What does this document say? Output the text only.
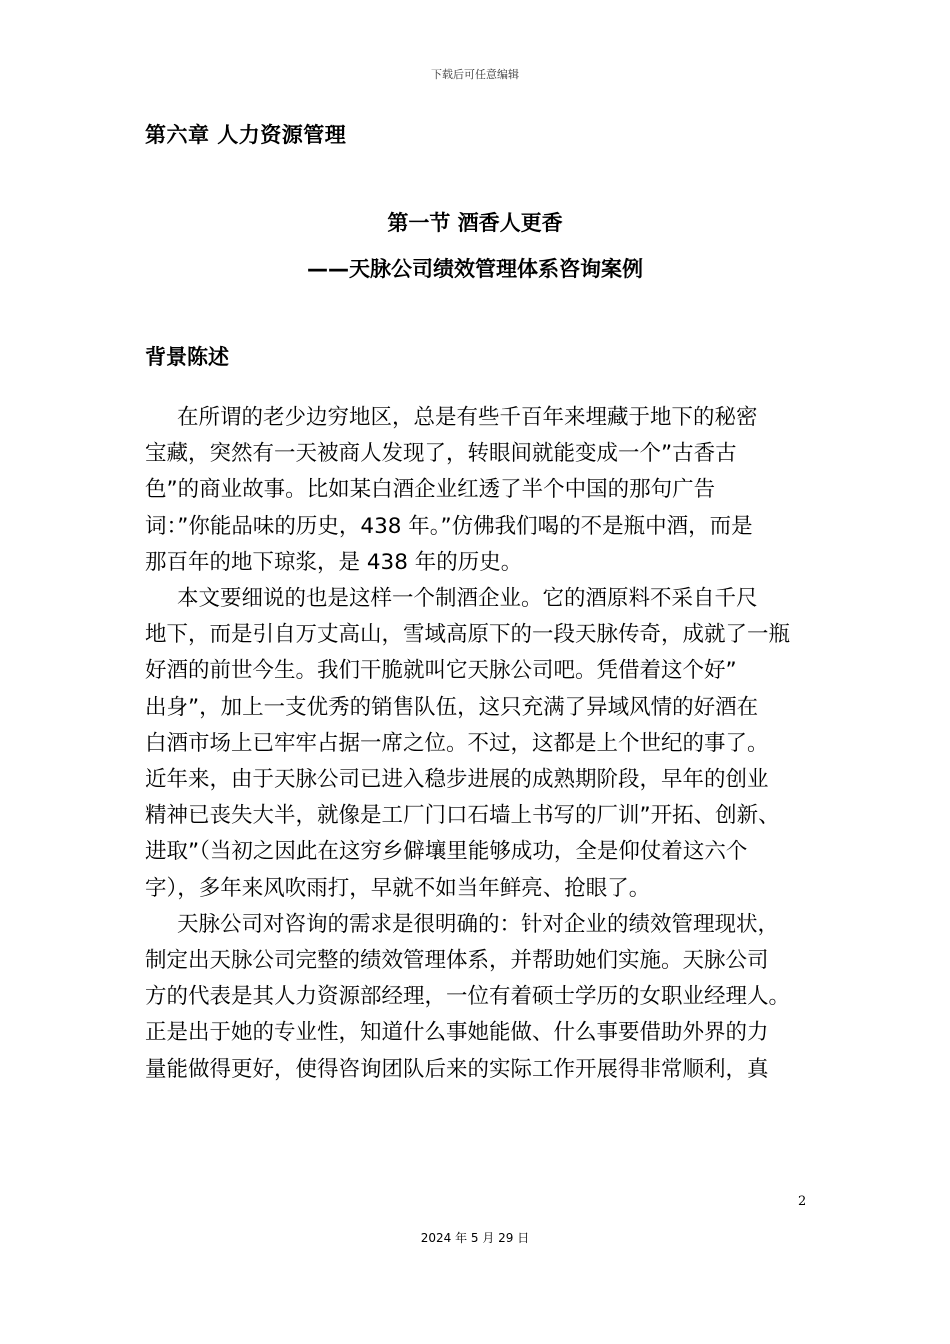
下载后可任意编辑
第六章 人力资源管理
第一节 酒香人更香
——天脉公司绩效管理体系咨询案例
背景陈述
在所谓的老少边穷地区，总是有些千百年来埋藏于地下的秘密
宝藏，突然有一天被商人发现了，转眼间就能变成一个”古香古
色”的商业故事。比如某白酒企业红透了半个中国的那句广告
词：”你能品味的历史，438 年。”仿佛我们喝的不是瓶中酒，而是
那百年的地下琼浆，是 438 年的历史。
本文要细说的也是这样一个制酒企业。它的酒原料不采自千尺
地下，而是引自万丈高山，雪域高原下的一段天脉传奇，成就了一瓶
好酒的前世今生。我们干脆就叫它天脉公司吧。凭借着这个好”
出身”，加上一支优秀的销售队伍，这只充满了异域风情的好酒在
白酒市场上已牢牢占据一席之位。不过，这都是上个世纪的事了。
近年来，由于天脉公司已进入稳步进展的成熟期阶段，早年的创业
精神已丧失大半，就像是工厂门口石墙上书写的厂训”开拓、创新、
进取”（当初之因此在这穷乡僻壤里能够成功，全是仰仗着这六个
字），多年来风吹雨打，早就不如当年鲜亮、抢眼了。
天脉公司对咨询的需求是很明确的：针对企业的绩效管理现状，
制定出天脉公司完整的绩效管理体系，并帮助她们实施。天脉公司
方的代表是其人力资源部经理，一位有着硕士学历的女职业经理人。
正是出于她的专业性，知道什么事她能做、什么事要借助外界的力
量能做得更好，使得咨询团队后来的实际工作开展得非常顺利，真
2
2024 年 5 月 29 日
